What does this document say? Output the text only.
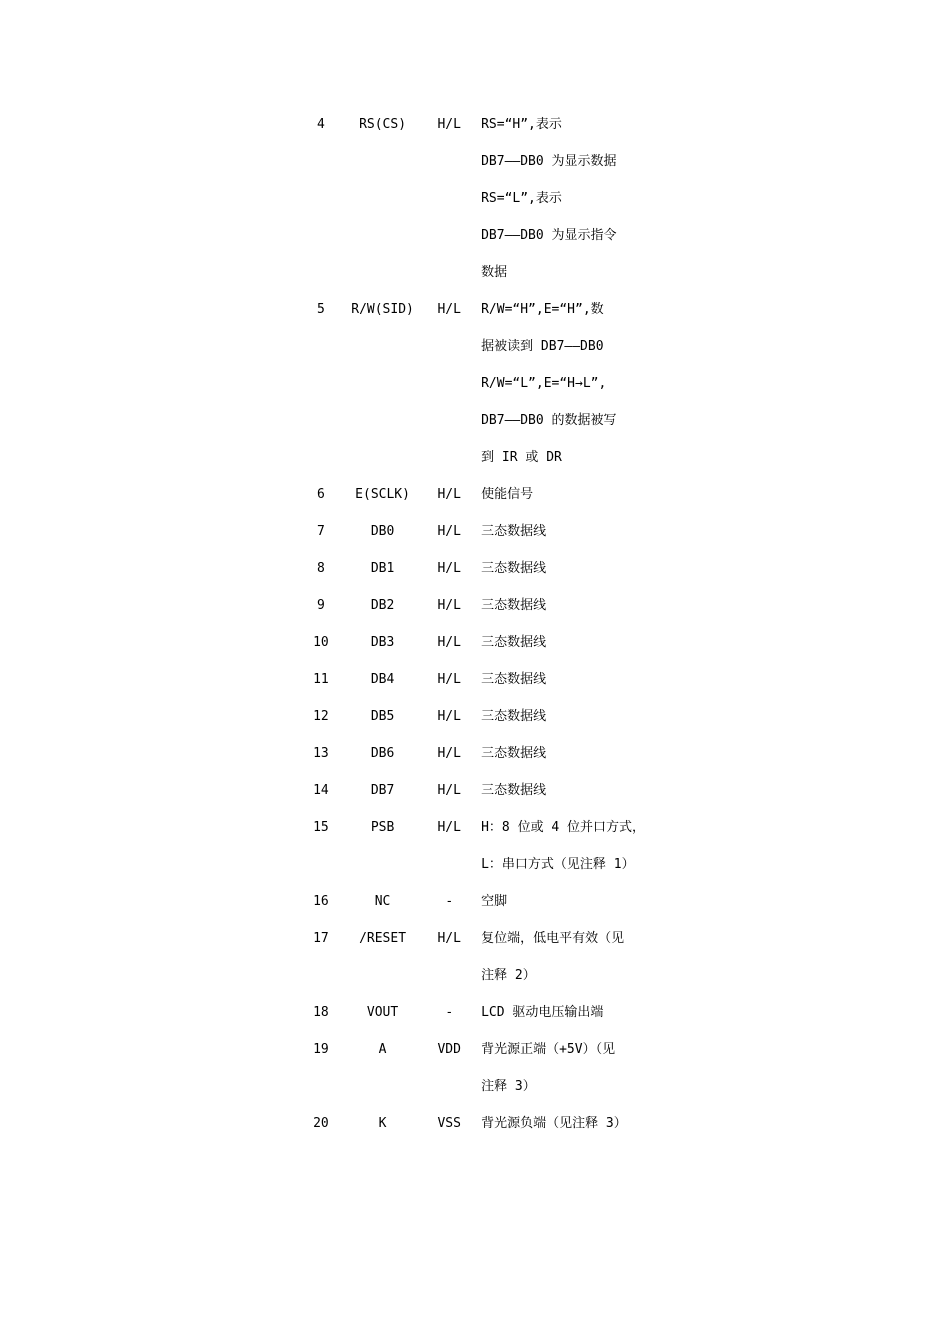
4	RS(CS)	H/L	RS=“H”,表示
DB7——DB0 为显示数据
RS=“L”,表示
DB7——DB0 为显示指令
数据
5	R/W(SID)	H/L	R/W=“H”,E=“H”,数
据被读到 DB7——DB0
R/W=“L”,E=“H→L”,
DB7——DB0 的数据被写
到 IR 或 DR
6	E(SCLK)	H/L	使能信号
7	DB0	H/L	三态数据线
8	DB1	H/L	三态数据线
9	DB2	H/L	三态数据线
10	DB3	H/L	三态数据线
11	DB4	H/L	三态数据线
12	DB5	H/L	三态数据线
13	DB6	H/L	三态数据线
14	DB7	H/L	三态数据线
15	PSB	H/L	H：8 位或 4 位并口方式，
L：串口方式（见注释 1）
16	NC	-	空脚
17	/RESET	H/L	复位端，低电平有效（见
注释 2）
18	VOUT	-	LCD 驱动电压输出端
19	A	VDD	背光源正端（+5V）（见
注释 3）
20	K	VSS	背光源负端（见注释 3）
